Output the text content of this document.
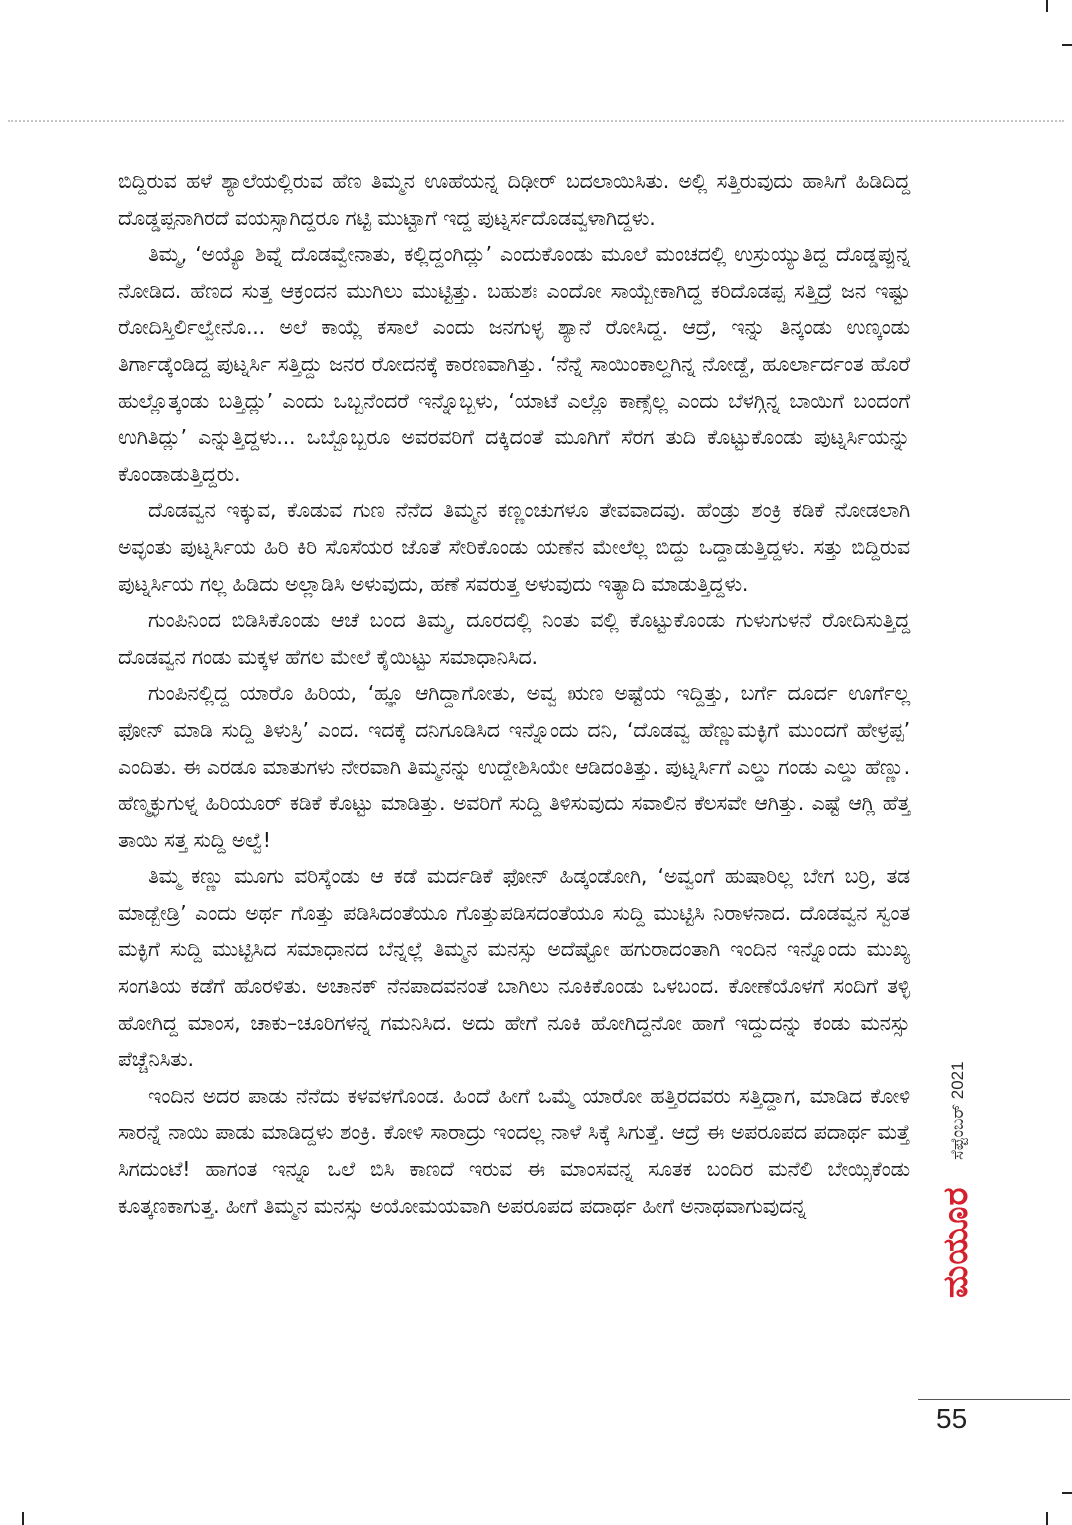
ಬಿದ್ದಿರುವ ಹಳೆ ಶ್ಯಾಲೆಯಲ್ಲಿರುವ ಹೆಣ ತಿಮ್ಮನ ಊಹೆಯನ್ನ ದಿಢೀರ್ ಬದಲಾಯಿಸಿತು. ಅಲ್ಲಿ ಸತ್ತಿರುವುದು ಹಾಸಿಗೆ ಹಿಡಿದಿದ್ದ ದೊಡ್ಡಪ್ಪನಾಗಿರದೆ ವಯಸ್ಸಾಗಿದ್ದರೂ ಗಟ್ಟಿ ಮುಟ್ಟಾಗೆ ಇದ್ದ ಪುಟ್ನರ್ಸದೊಡವ್ವಳಾಗಿದ್ದಳು.

ತಿಮ್ಮ, ‘ಅಯ್ಯೊ ಶಿವ್ನೆ ದೊಡವ್ವೇನಾತು, ಕಲ್ಲಿದ್ದಂಗಿದ್ಲು’ ಎಂದುಕೊಂಡು ಮೂಲೆ ಮಂಚದಲ್ಲಿ ಉಸ್ರುಯ್ಯುತಿದ್ದ ದೊಡ್ಡಪ್ಪುನ್ನ ನೋಡಿದ. ಹೆಣದ ಸುತ್ತ ಆಕ್ರಂದನ ಮುಗಿಲು ಮುಟ್ಟಿತ್ತು. ಬಹುಶಃ ಎಂದೋ ಸಾಯ್ಬೇಕಾಗಿದ್ದ ಕರಿದೊಡಪ್ಪ ಸತ್ತಿದ್ರೆ ಜನ ಇಷ್ಟು ರೋದಿಸ್ತಿರ್ಲಿಲ್ವೇನೊ... ಅಲೆ ಕಾಯ್ಲೆ ಕಸಾಲೆ ಎಂದು ಜನಗುಳ್ಳ ಶ್ಯಾನೆ ರೋಸಿದ್ದ. ಆದ್ರೆ, ಇನ್ನು ತಿನ್ಕಂಡು ಉಣ್ಕಂಡು ತಿರ್ಗಾಡ್ಕೆಂಡಿದ್ದ ಪುಟ್ನರ್ಸಿ ಸತ್ತಿದ್ದು ಜನರ ರೋದನಕ್ಕೆ ಕಾರಣವಾಗಿತ್ತು. ‘ನೆನ್ನೆ ಸಾಯಿಂಕಾಲ್ದಗಿನ್ನ ನೋಡ್ದೆ, ಹೂರ್ಲಾರ್ದಂತ ಹೊರೆ ಹುಲ್ಲೊತ್ಕಂಡು ಬತ್ತಿದ್ಲು’ ಎಂದು ಒಬ್ಬನೆಂದರೆ ಇನ್ನೊಬ್ಬಳು, ‘ಯಾಟೆ ಎಲ್ಲೊ ಕಾಣ್ಸೆಲ್ಲ ಎಂದು ಬೆಳಗ್ಗಿನ್ನ ಬಾಯಿಗೆ ಬಂದಂಗೆ ಉಗಿತಿದ್ಲು’ ಎನ್ನುತ್ತಿದ್ದಳು... ಒಬ್ಬೊಬ್ಬರೂ ಅವರವರಿಗೆ ದಕ್ಕಿದಂತೆ ಮೂಗಿಗೆ ಸೆರಗ ತುದಿ ಕೊಟ್ಟುಕೊಂಡು ಪುಟ್ನರ್ಸಿಯನ್ನು ಕೊಂಡಾಡುತ್ತಿದ್ದರು.

ದೊಡವ್ವನ ಇಕ್ಕುವ, ಕೊಡುವ ಗುಣ ನೆನೆದ ತಿಮ್ಮನ ಕಣ್ಣಂಚುಗಳೂ ತೇವವಾದವು. ಹೆಂಡ್ರು ಶಂಕ್ರಿ ಕಡಿಕೆ ನೋಡಲಾಗಿ ಅವ್ಳಂತು ಪುಟ್ನರ್ಸಿಯ ಹಿರಿ ಕಿರಿ ಸೊಸೆಯರ ಜೊತೆ ಸೇರಿಕೊಂಡು ಯಣೆನ ಮೇಲೆಲ್ಲ ಬಿದ್ದು ಒದ್ದಾಡುತ್ತಿದ್ದಳು. ಸತ್ತು ಬಿದ್ದಿರುವ ಪುಟ್ನರ್ಸಿಯ ಗಲ್ಲ ಹಿಡಿದು ಅಲ್ಲಾಡಿಸಿ ಅಳುವುದು, ಹಣೆ ಸವರುತ್ತ ಅಳುವುದು ಇತ್ಯಾದಿ ಮಾಡುತ್ತಿದ್ದಳು.

ಗುಂಪಿನಿಂದ ಬಿಡಿಸಿಕೊಂಡು ಆಚೆ ಬಂದ ತಿಮ್ಮ, ದೂರದಲ್ಲಿ ನಿಂತು ವಲ್ಲಿ ಕೊಟ್ಟುಕೊಂಡು ಗುಳುಗುಳನೆ ರೋದಿಸುತ್ತಿದ್ದ ದೊಡವ್ವನ ಗಂಡು ಮಕ್ಕಳ ಹೆಗಲ ಮೇಲೆ ಕೈಯಿಟ್ಟು ಸಮಾಧಾನಿಸಿದ.

ಗುಂಪಿನಲ್ಲಿದ್ದ ಯಾರೊ ಹಿರಿಯ, ‘ಹ್ಞೂ ಆಗಿದ್ದಾಗೋತು, ಅವ್ವ ಋಣ ಅಷ್ಟೆಯ ಇದ್ದಿತ್ತು, ಬರ್ಗೆ ದೂರ್ದ ಊರ್ಗೆಲ್ಲ ಫೋನ್ ಮಾಡಿ ಸುದ್ದಿ ತಿಳುಸ್ರಿ’ ಎಂದ. ಇದಕ್ಕೆ ದನಿಗೂಡಿಸಿದ ಇನ್ನೊಂದು ದನಿ, ‘ದೊಡವ್ವ ಹೆಣ್ಣುಮಕ್ಳಿಗೆ ಮುಂದಗೆ ಹೇಳ್ರಪ್ಪ’ ಎಂದಿತು. ಈ ಎರಡೂ ಮಾತುಗಳು ನೇರವಾಗಿ ತಿಮ್ಮನನ್ನು ಉದ್ದೇಶಿಸಿಯೇ ಆಡಿದಂತಿತ್ತು. ಪುಟ್ನರ್ಸಿಗೆ ಎಲ್ಡು ಗಂಡು ಎಲ್ಡು ಹೆಣ್ಣು. ಹೆಣ್ಮಕ್ಳುಗುಳ್ನ ಹಿರಿಯೂರ್ ಕಡಿಕೆ ಕೊಟ್ಟು ಮಾಡಿತ್ತು. ಅವರಿಗೆ ಸುದ್ದಿ ತಿಳಿಸುವುದು ಸವಾಲಿನ ಕೆಲಸವೇ ಆಗಿತ್ತು. ಎಷ್ಟೆ ಆಗ್ಲಿ ಹೆತ್ತ ತಾಯಿ ಸತ್ತ ಸುದ್ದಿ ಅಲ್ವೆ!

ತಿಮ್ಮ ಕಣ್ಣು ಮೂಗು ವರಿಸ್ಕೆಂಡು ಆ ಕಡೆ ಮರ್ದಡಿಕೆ ಫೋನ್ ಹಿಡ್ಕಂಡೋಗಿ, ‘ಅವ್ವಂಗೆ ಹುಷಾರಿಲ್ಲ ಬೇಗ ಬರ್ರಿ, ತಡ ಮಾಡ್ಬೇಡ್ರಿ’ ಎಂದು ಅರ್ಥ ಗೊತ್ತು ಪಡಿಸಿದಂತೆಯೂ ಗೊತ್ತುಪಡಿಸದಂತೆಯೂ ಸುದ್ದಿ ಮುಟ್ಟಿಸಿ ನಿರಾಳನಾದ. ದೊಡವ್ವನ ಸ್ವಂತ ಮಕ್ಳಿಗೆ ಸುದ್ದಿ ಮುಟ್ಟಿಸಿದ ಸಮಾಧಾನದ ಬೆನ್ನಲ್ಲೆ ತಿಮ್ಮನ ಮನಸ್ಸು ಅದೆಷ್ಟೋ ಹಗುರಾದಂತಾಗಿ ಇಂದಿನ ಇನ್ನೊಂದು ಮುಖ್ಯ ಸಂಗತಿಯ ಕಡೆಗೆ ಹೊರಳಿತು. ಅಚಾನಕ್ ನೆನಪಾದವನಂತೆ ಬಾಗಿಲು ನೂಕಿಕೊಂಡು ಒಳಬಂದ. ಕೋಣೆಯೊಳಗೆ ಸಂದಿಗೆ ತಳ್ಳಿ ಹೋಗಿದ್ದ ಮಾಂಸ, ಚಾಕು–ಚೂರಿಗಳನ್ನ ಗಮನಿಸಿದ. ಅದು ಹೇಗೆ ನೂಕಿ ಹೋಗಿದ್ದನೋ ಹಾಗೆ ಇದ್ದುದನ್ನು ಕಂಡು ಮನಸ್ಸು ಪೆಚ್ಚೆನಿಸಿತು.

ಇಂದಿನ ಅದರ ಪಾಡು ನೆನೆದು ಕಳವಳಗೊಂಡ. ಹಿಂದೆ ಹೀಗೆ ಒಮ್ಮೆ ಯಾರೋ ಹತ್ತಿರದವರು ಸತ್ತಿದ್ದಾಗ, ಮಾಡಿದ ಕೋಳಿ ಸಾರನ್ನೆ ನಾಯಿ ಪಾಡು ಮಾಡಿದ್ದಳು ಶಂಕ್ರಿ. ಕೋಳಿ ಸಾರಾದ್ರು ಇಂದಲ್ಲ ನಾಳೆ ಸಿಕ್ಕೆ ಸಿಗುತ್ತೆ. ಆದ್ರೆ ಈ ಅಪರೂಪದ ಪದಾರ್ಥ ಮತ್ತೆ ಸಿಗದುಂಟೆ! ಹಾಗಂತ ಇನ್ನೂ ಒಲೆ ಬಿಸಿ ಕಾಣದೆ ಇರುವ ಈ ಮಾಂಸವನ್ನ ಸೂತಕ ಬಂದಿರ ಮನೆಲಿ ಬೇಯ್ಸಿಕೆಂಡು ಕೂತ್ಕಣಕಾಗುತ್ತ. ಹೀಗೆ ತಿಮ್ಮನ ಮನಸ್ಸು ಅಯೋಮಯವಾಗಿ ಅಪರೂಪದ ಪದಾರ್ಥ ಹೀಗೆ ಅನಾಥವಾಗುವುದನ್ನ

ಸೆಪ್ಟೆಂಬರ್ 2021
ಮಯೂರ
55
